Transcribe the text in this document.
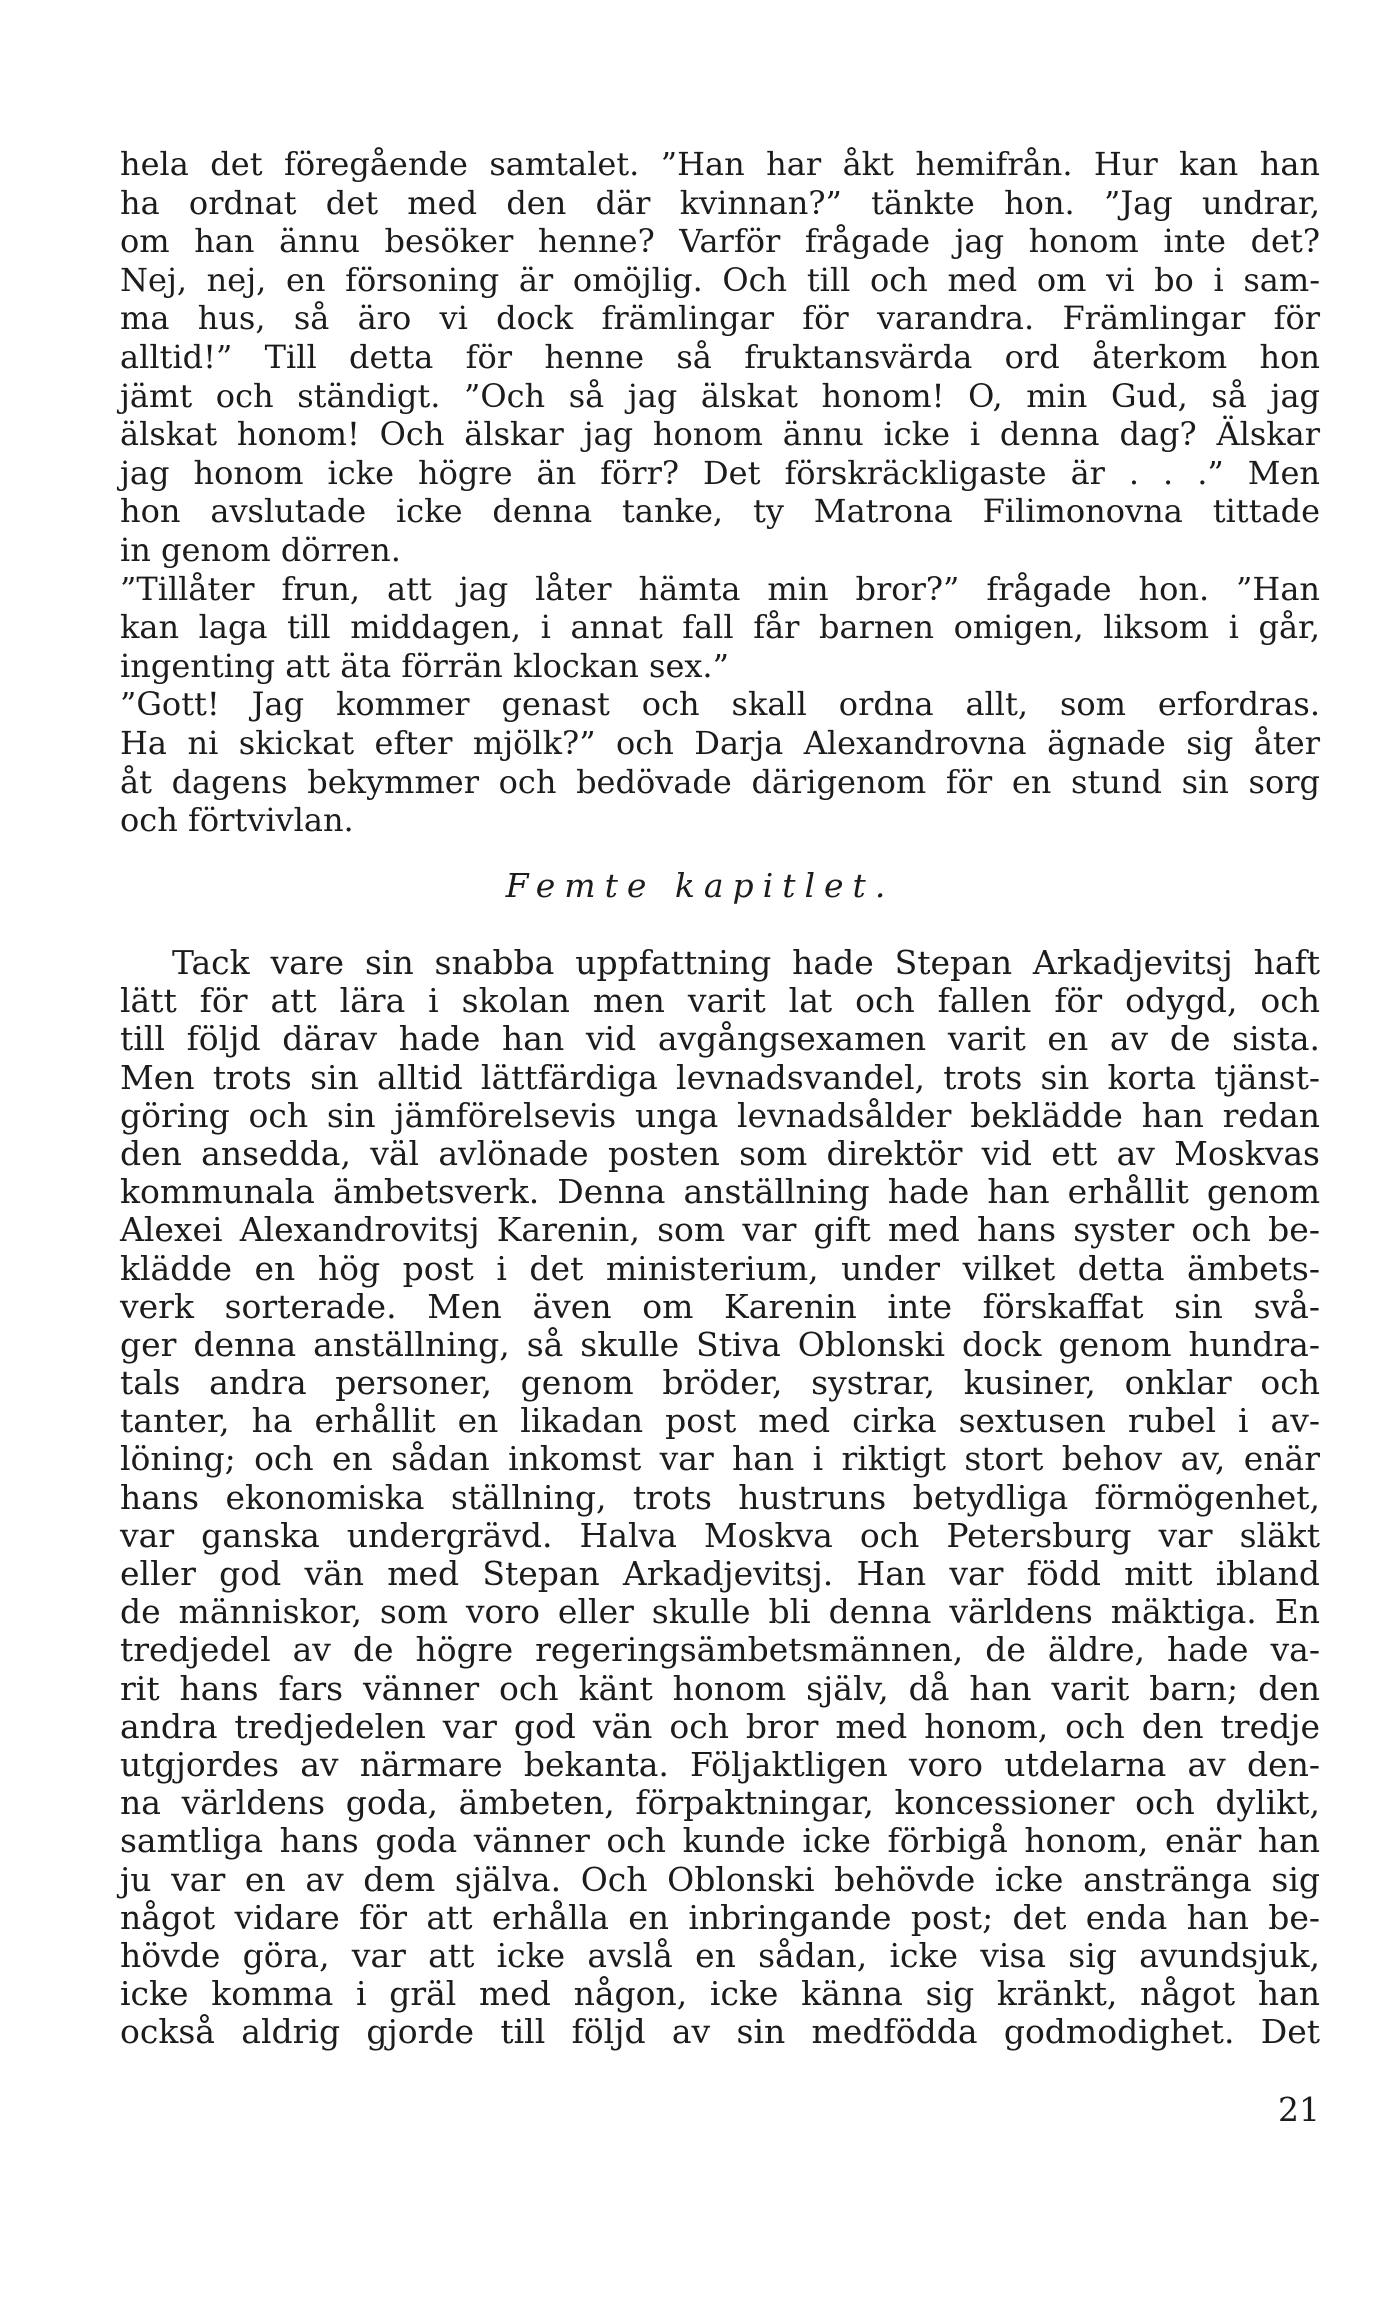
hela det föregående samtalet. ”Han har åkt hemifrån. Hur kan han
ha ordnat det med den där kvinnan?” tänkte hon. ”Jag undrar,
om han ännu besöker henne? Varför frågade jag honom inte det?
Nej, nej, en försoning är omöjlig. Och till och med om vi bo i sam-
ma hus, så äro vi dock främlingar för varandra. Främlingar för
alltid!” Till detta för henne så fruktansvärda ord återkom hon
jämt och ständigt. ”Och så jag älskat honom! O, min Gud, så jag
älskat honom! Och älskar jag honom ännu icke i denna dag? Älskar
jag honom icke högre än förr? Det förskräckligaste är . . .” Men
hon avslutade icke denna tanke, ty Matrona Filimonovna tittade
in genom dörren.
”Tillåter frun, att jag låter hämta min bror?” frågade hon. ”Han
kan laga till middagen, i annat fall får barnen omigen, liksom i går,
ingenting att äta förrän klockan sex.”
”Gott! Jag kommer genast och skall ordna allt, som erfordras.
Ha ni skickat efter mjölk?” och Darja Alexandrovna ägnade sig åter
åt dagens bekymmer och bedövade därigenom för en stund sin sorg
och förtvivlan.
Femte kapitlet.
Tack vare sin snabba uppfattning hade Stepan Arkadjevitsj haft
lätt för att lära i skolan men varit lat och fallen för odygd, och
till följd därav hade han vid avgångsexamen varit en av de sista.
Men trots sin alltid lättfärdiga levnadsvandel, trots sin korta tjänst-
göring och sin jämförelsevis unga levnadsålder beklädde han redan
den ansedda, väl avlönade posten som direktör vid ett av Moskvas
kommunala ämbetsverk. Denna anställning hade han erhållit genom
Alexei Alexandrovitsj Karenin, som var gift med hans syster och be-
klädde en hög post i det ministerium, under vilket detta ämbets-
verk sorterade. Men även om Karenin inte förskaffat sin svå-
ger denna anställning, så skulle Stiva Oblonski dock genom hundra-
tals andra personer, genom bröder, systrar, kusiner, onklar och
tanter, ha erhållit en likadan post med cirka sextusen rubel i av-
löning; och en sådan inkomst var han i riktigt stort behov av, enär
hans ekonomiska ställning, trots hustruns betydliga förmögenhet,
var ganska undergrävd. Halva Moskva och Petersburg var släkt
eller god vän med Stepan Arkadjevitsj. Han var född mitt ibland
de människor, som voro eller skulle bli denna världens mäktiga. En
tredjedel av de högre regeringsämbetsmännen, de äldre, hade va-
rit hans fars vänner och känt honom själv, då han varit barn; den
andra tredjedelen var god vän och bror med honom, och den tredje
utgjordes av närmare bekanta. Följaktligen voro utdelarna av den-
na världens goda, ämbeten, förpaktningar, koncessioner och dylikt,
samtliga hans goda vänner och kunde icke förbigå honom, enär han
ju var en av dem själva. Och Oblonski behövde icke anstränga sig
något vidare för att erhålla en inbringande post; det enda han be-
hövde göra, var att icke avslå en sådan, icke visa sig avundsjuk,
icke komma i gräl med någon, icke känna sig kränkt, något han
också aldrig gjorde till följd av sin medfödda godmodighet. Det
21
